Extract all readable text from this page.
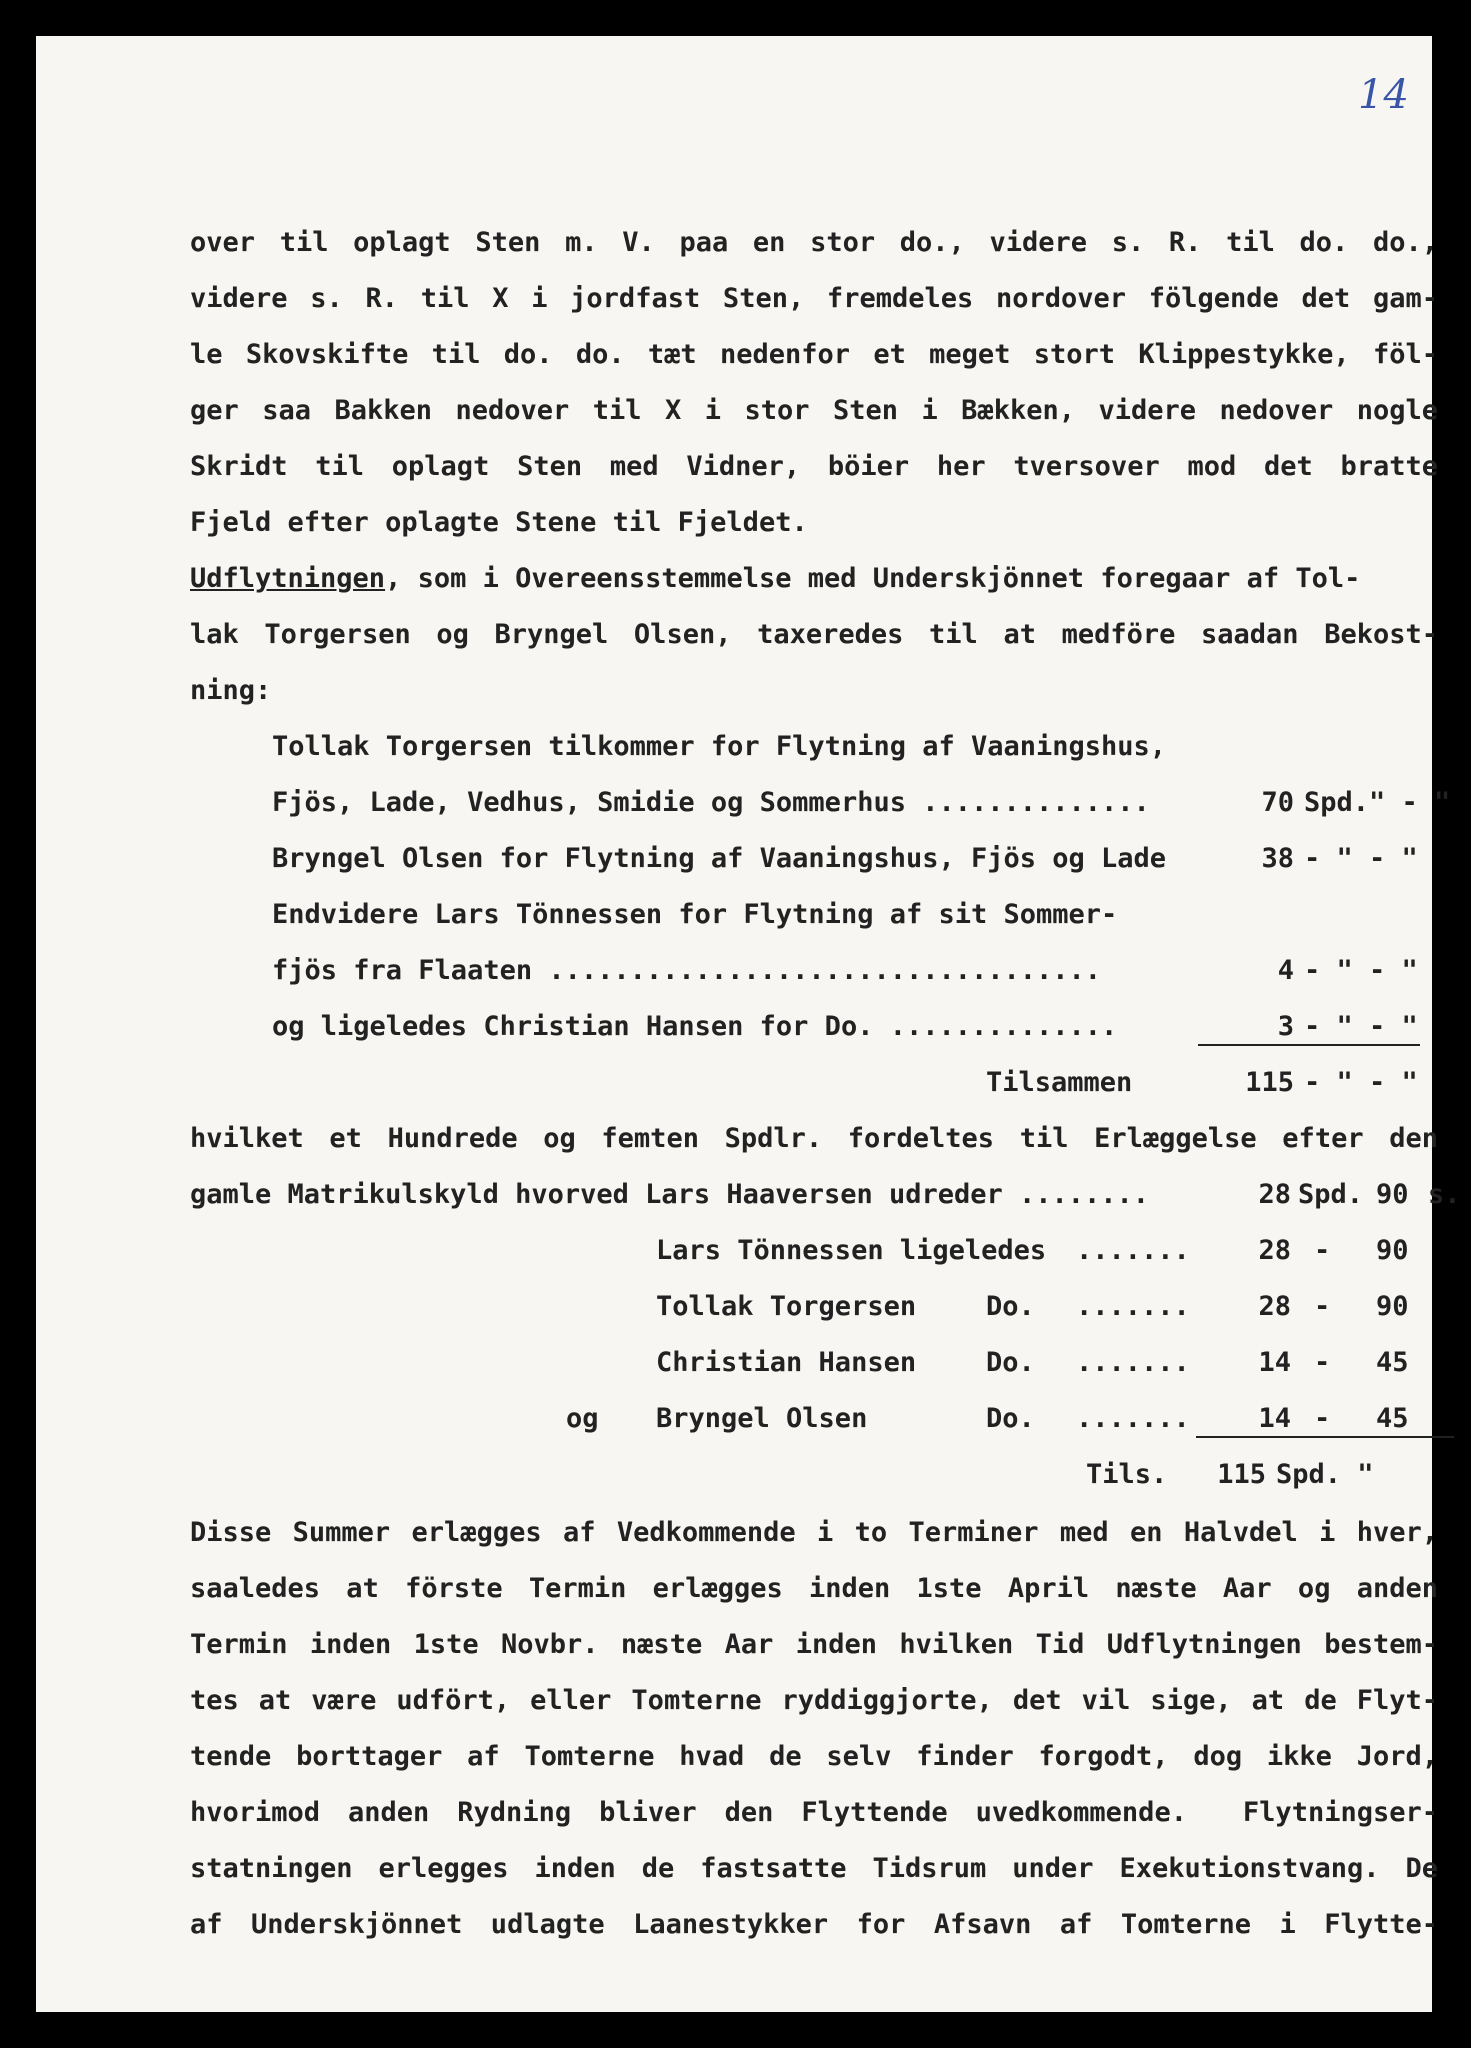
14
over til oplagt Sten m. V. paa en stor do., videre s. R. til do. do.,
videre s. R. til X i jordfast Sten, fremdeles nordover fölgende det gam-
le Skovskifte til do. do. tæt nedenfor et meget stort Klippestykke, föl-
ger saa Bakken nedover til X i stor Sten i Bækken, videre nedover nogle
Skridt til oplagt Sten med Vidner, böier her tversover mod det bratte
Fjeld efter oplagte Stene til Fjeldet.
Udflytningen , som i Overeensstemmelse med Underskjönnet foregaar af Tol-
lak Torgersen og Bryngel Olsen, taxeredes til at medföre saadan Bekost-
ning:
Tollak Torgersen tilkommer for Flytning af Vaaningshus,
Fjös, Lade, Vedhus, Smidie og Sommerhus ..............	70 Spd." - "
Bryngel Olsen for Flytning af Vaaningshus, Fjös og Lade	38 - " - "
Endvidere Lars Tönnessen for Flytning af sit Sommer-
fjös fra Flaaten ..................................	4 - " - "
og ligeledes Christian Hansen for Do. ..............	3 - " - "
Tilsammen	115 - " - "
hvilket et Hundrede og femten Spdlr. fordeltes til Erlæggelse efter den
gamle Matrikulskyld hvorved Lars Haaversen udreder ........	28 Spd. 90 s.
Lars Tönnessen ligeledes .......	28 - 90
Tollak Torgersen	Do. .......	28 - 90
Christian Hansen	Do. .......	14 - 45
og Bryngel Olsen	Do. .......	14 - 45
Tils.	115 Spd. "
Disse Summer erlægges af Vedkommende i to Terminer med en Halvdel i hver,
saaledes at förste Termin erlægges inden 1ste April næste Aar og anden
Termin inden 1ste Novbr. næste Aar inden hvilken Tid Udflytningen bestem-
tes at være udfört, eller Tomterne ryddiggjorte, det vil sige, at de Flyt-
tende borttager af Tomterne hvad de selv finder forgodt, dog ikke Jord,
hvorimod anden Rydning bliver den Flyttende uvedkommende.  Flytningser-
statningen erlegges inden de fastsatte Tidsrum under Exekutionstvang. De
af Underskjönnet udlagte Laanestykker for Afsavn af Tomterne i Flytte-
